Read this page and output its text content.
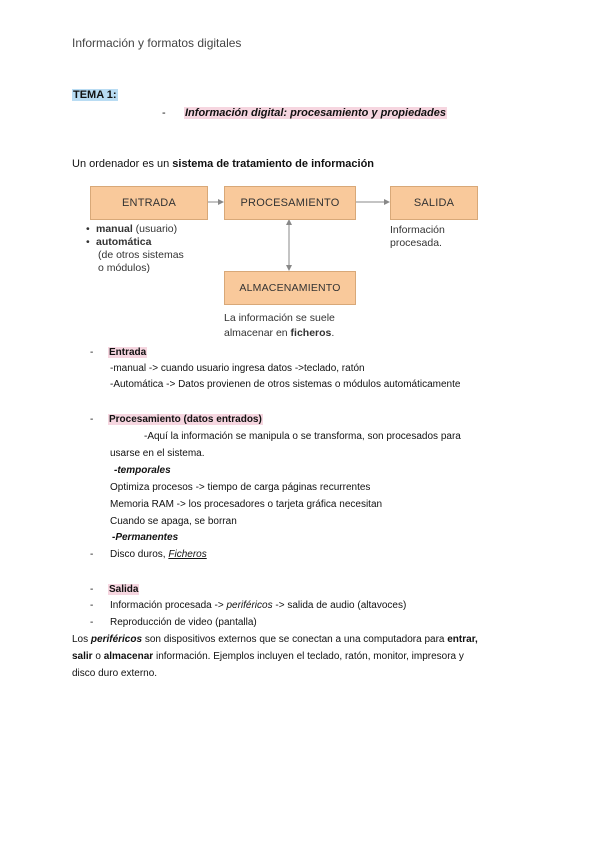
Información y formatos digitales
TEMA 1:
- Información digital: procesamiento y propiedades
Un ordenador es un sistema de tratamiento de información
ENTRADA	PROCESAMIENTO	SALIDA
ALMACENAMIENTO
• manual (usuario)
• automática
(de otros sistemas
o módulos)
Información
procesada.
La información se suele
almacenar en ficheros.
- Entrada
-manual -> cuando usuario ingresa datos ->teclado, ratón
-Automática -> Datos provienen de otros sistemas o módulos automáticamente
- Procesamiento (datos entrados)
-Aquí la información se manipula o se transforma, son procesados para
usarse en el sistema.
-temporales
Optimiza procesos -> tiempo de carga páginas recurrentes
Memoria RAM -> los procesadores o tarjeta gráfica necesitan
Cuando se apaga, se borran
-Permanentes
- Disco duros, Ficheros
- Salida
- Información procesada -> periféricos -> salida de audio (altavoces)
- Reproducción de video (pantalla)
Los periféricos son dispositivos externos que se conectan a una computadora para entrar,
salir o almacenar información. Ejemplos incluyen el teclado, ratón, monitor, impresora y
disco duro externo.
